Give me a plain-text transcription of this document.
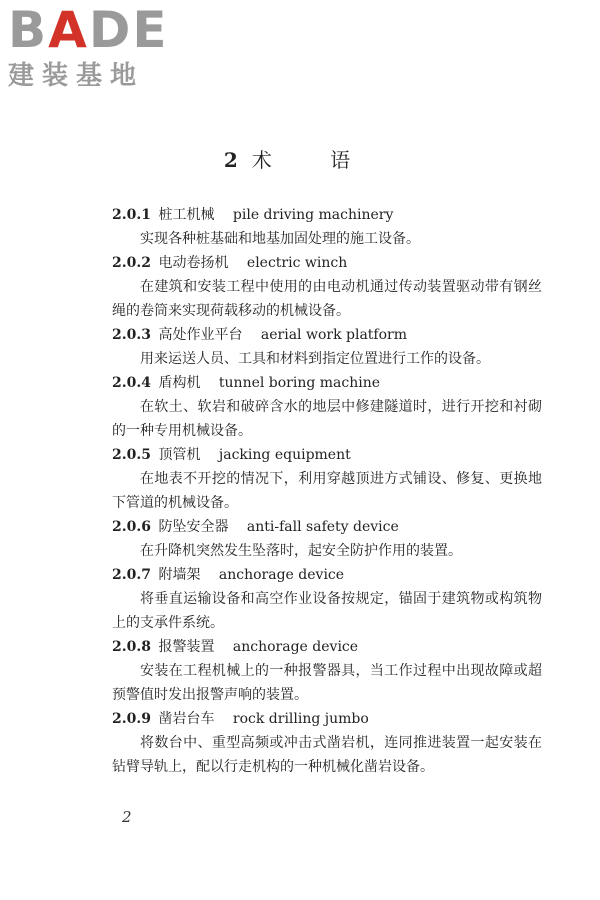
B A D E
建装基地
2 术 语
2.0.1 桩工机械 pile driving machinery

实现各种桩基础和地基加固处理的施工设备。

2.0.2 电动卷扬机 electric winch

在建筑和安装工程中使用的由电动机通过传动装置驱动带有钢丝绳的卷筒来实现荷载移动的机械设备。

2.0.3 高处作业平台 aerial work platform

用来运送人员、工具和材料到指定位置进行工作的设备。

2.0.4 盾构机 tunnel boring machine

在软土、软岩和破碎含水的地层中修建隧道时，进行开挖和衬砌的一种专用机械设备。

2.0.5 顶管机 jacking equipment

在地表不开挖的情况下，利用穿越顶进方式铺设、修复、更换地下管道的机械设备。

2.0.6 防坠安全器 anti-fall safety device

在升降机突然发生坠落时，起安全防护作用的装置。

2.0.7 附墙架 anchorage device

将垂直运输设备和高空作业设备按规定，锚固于建筑物或构筑物上的支承件系统。

2.0.8 报警装置 anchorage device

安装在工程机械上的一种报警器具，当工作过程中出现故障或超预警值时发出报警声响的装置。

2.0.9 凿岩台车 rock drilling jumbo

将数台中、重型高频或冲击式凿岩机，连同推进装置一起安装在钻臂导轨上，配以行走机构的一种机械化凿岩设备。

2
